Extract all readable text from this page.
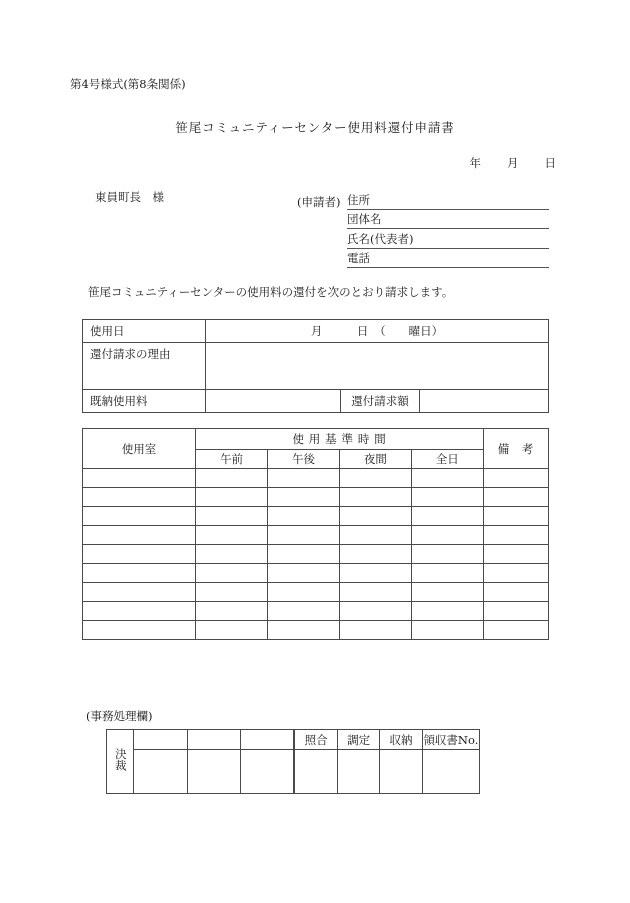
第4号様式(第8条関係)
笹尾コミュニティーセンター使用料還付申請書
年 月 日
東員町長　様	(申請者) 住所
団体名
氏名(代表者)
電話
笹尾コミュニティーセンターの使用料の還付を次のとおり請求します。
使用日	月　　　日　（　　曜日）		
還付請求の理由			
既納使用料		還付請求額	
使用室	使 用 基 準 時 間				備　考
	午前	午後	夜間	全日	

(事務処理欄)
決裁				照合	調定	収納	領収書No.
